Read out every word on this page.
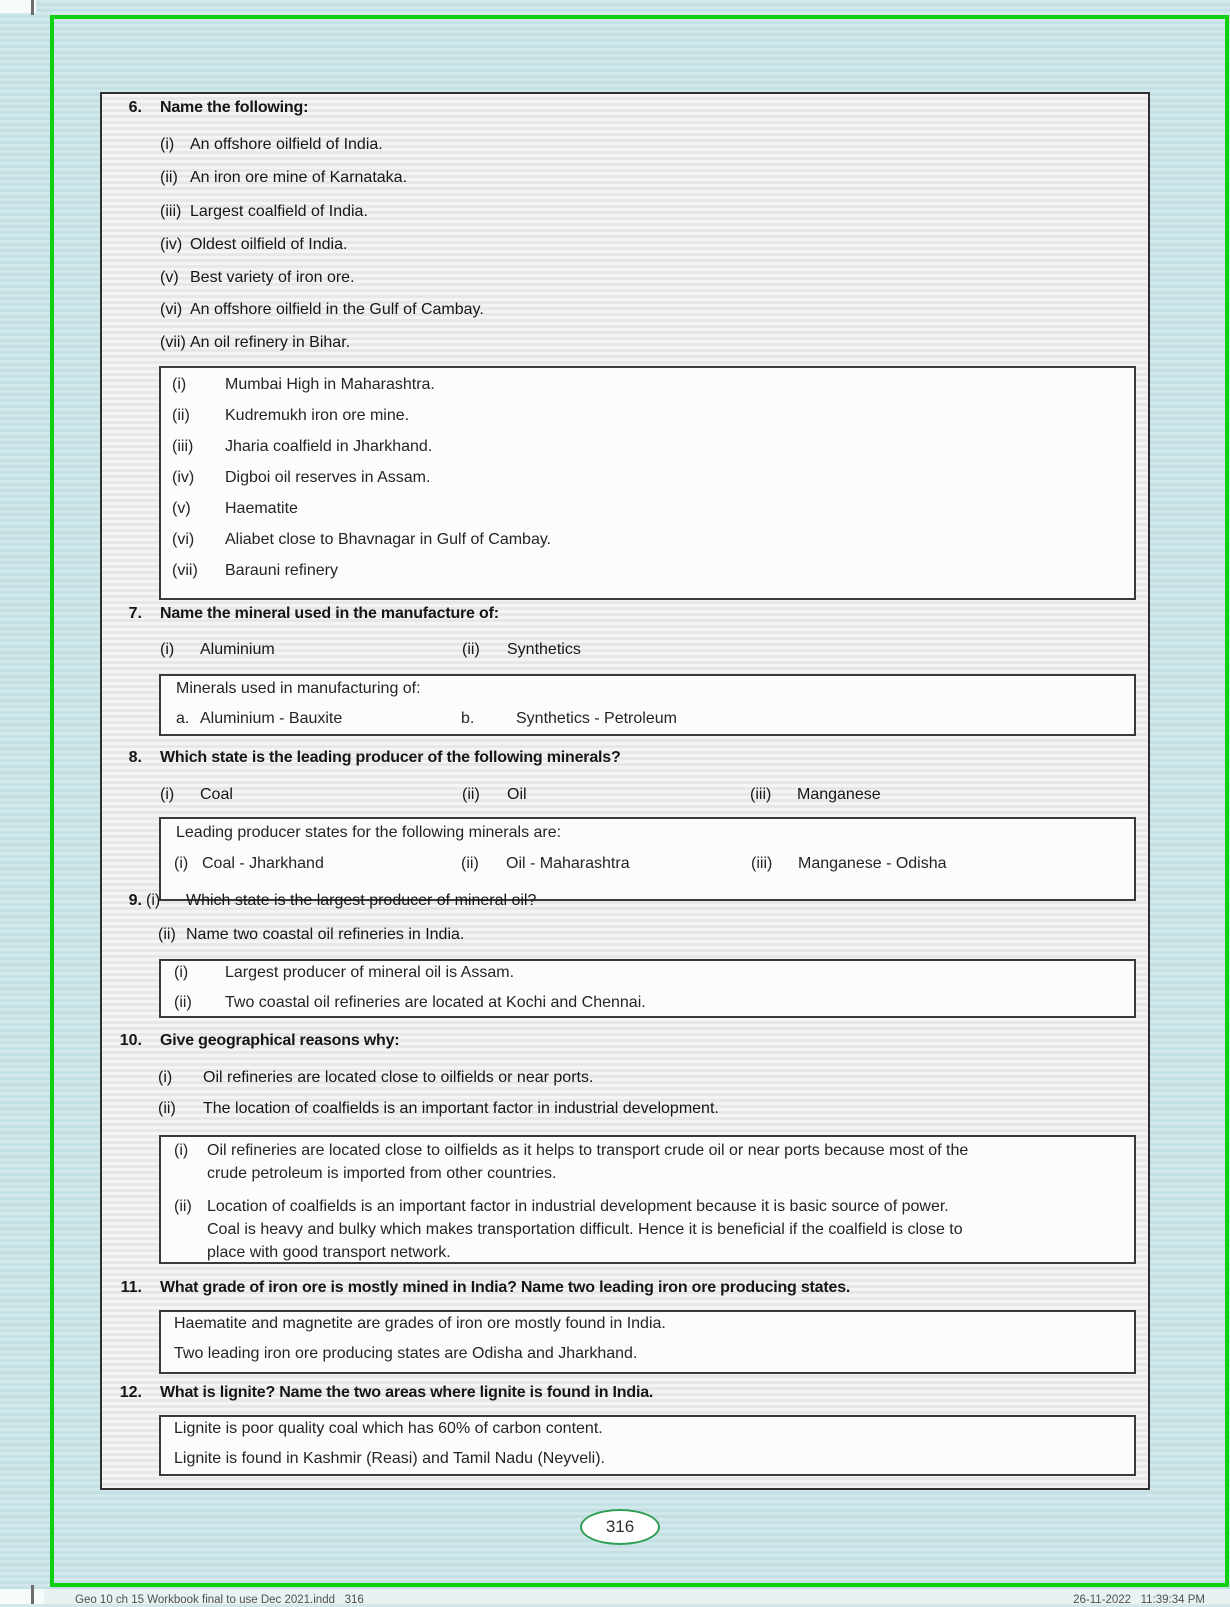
6. Name the following:
(i) An offshore oilfield of India.
(ii) An iron ore mine of Karnataka.
(iii) Largest coalfield of India.
(iv) Oldest oilfield of India.
(v) Best variety of iron ore.
(vi) An offshore oilfield in the Gulf of Cambay.
(vii) An oil refinery in Bihar.
(i) Mumbai High in Maharashtra.
(ii) Kudremukh iron ore mine.
(iii) Jharia coalfield in Jharkhand.
(iv) Digboi oil reserves in Assam.
(v) Haematite
(vi) Aliabet close to Bhavnagar in Gulf of Cambay.
(vii) Barauni refinery
7. Name the mineral used in the manufacture of:
(i) Aluminium	(ii) Synthetics
Minerals used in manufacturing of:
a. Aluminium - Bauxite	b.	Synthetics - Petroleum
8. Which state is the leading producer of the following minerals?
(i) Coal	(ii) Oil	(iii) Manganese
Leading producer states for the following minerals are:
(i) Coal - Jharkhand	(ii) Oil - Maharashtra	(iii) Manganese - Odisha
9. (i) Which state is the largest producer of mineral oil?
(ii) Name two coastal oil refineries in India.
(i) Largest producer of mineral oil is Assam.
(ii) Two coastal oil refineries are located at Kochi and Chennai.
10. Give geographical reasons why:
(i) Oil refineries are located close to oilfields or near ports.
(ii) The location of coalfields is an important factor in industrial development.
(i) Oil refineries are located close to oilfields as it helps to transport crude oil or near ports because most of the
crude petroleum is imported from other countries.
(ii) Location of coalfields is an important factor in industrial development because it is basic source of power.
Coal is heavy and bulky which makes transportation difficult. Hence it is beneficial if the coalfield is close to
place with good transport network.
11. What grade of iron ore is mostly mined in India? Name two leading iron ore producing states.
Haematite and magnetite are grades of iron ore mostly found in India.
Two leading iron ore producing states are Odisha and Jharkhand.
12. What is lignite? Name the two areas where lignite is found in India.
Lignite is poor quality coal which has 60% of carbon content.
Lignite is found in Kashmir (Reasi) and Tamil Nadu (Neyveli).
316
Geo 10 ch 15 Workbook final to use Dec 2021.indd   316	26-11-2022   11:39:34 PM
